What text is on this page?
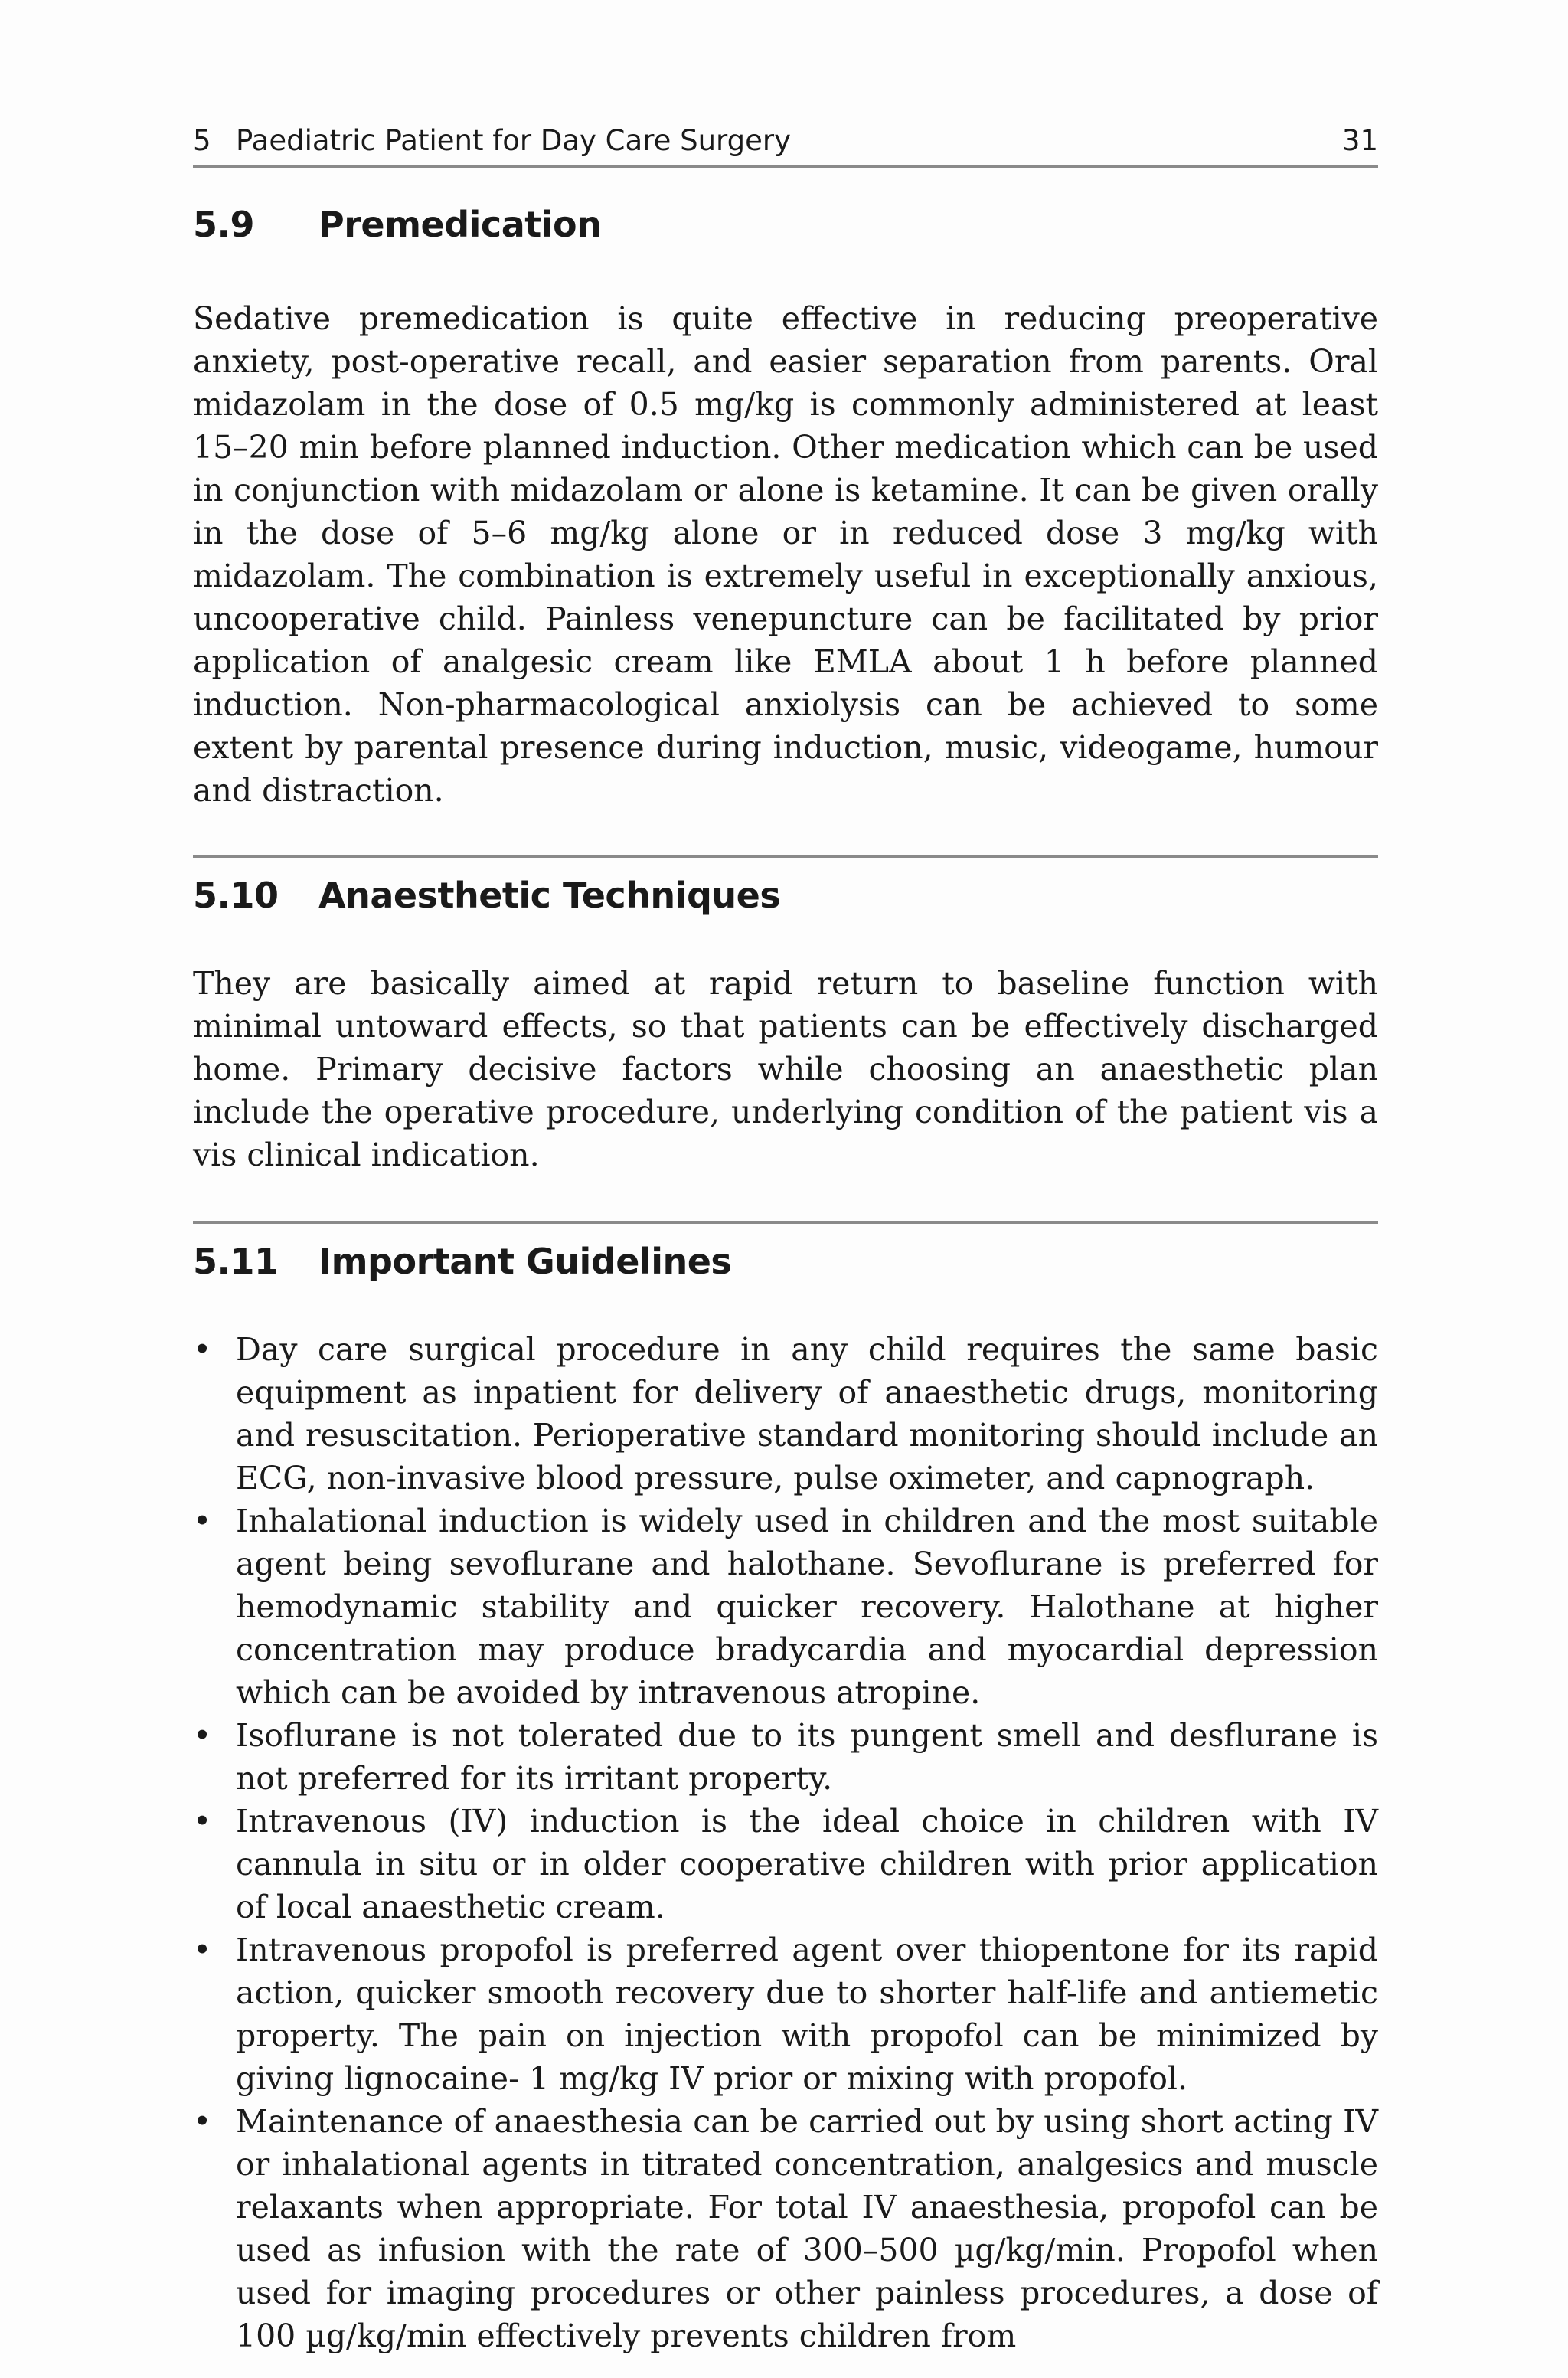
5 Paediatric Patient for Day Care Surgery	31
5.9 Premedication

Sedative premedication is quite effective in reducing preoperative anxiety, post-operative recall, and easier separation from parents. Oral midazolam in the dose of 0.5 mg/kg is commonly administered at least 15–20 min before planned induction. Other medication which can be used in conjunction with midazolam or alone is ketamine. It can be given orally in the dose of 5–6 mg/kg alone or in reduced dose 3 mg/kg with midazolam. The combination is extremely useful in exceptionally anxious, uncooperative child. Painless venepuncture can be facilitated by prior application of analgesic cream like EMLA about 1 h before planned induction. Non-pharmacological anxiolysis can be achieved to some extent by parental presence during induction, music, videogame, humour and distraction.

5.10 Anaesthetic Techniques

They are basically aimed at rapid return to baseline function with minimal untoward effects, so that patients can be effectively discharged home. Primary decisive factors while choosing an anaesthetic plan include the operative procedure, underlying condition of the patient vis a vis clinical indication.

5.11 Important Guidelines
• Day care surgical procedure in any child requires the same basic equipment as inpatient for delivery of anaesthetic drugs, monitoring and resuscitation. Perioperative standard monitoring should include an ECG, non-invasive blood pressure, pulse oximeter, and capnograph.
• Inhalational induction is widely used in children and the most suitable agent being sevoflurane and halothane. Sevoflurane is preferred for hemodynamic stability and quicker recovery. Halothane at higher concentration may produce bradycardia and myocardial depression which can be avoided by intravenous atropine.
• Isoflurane is not tolerated due to its pungent smell and desflurane is not preferred for its irritant property.
• Intravenous (IV) induction is the ideal choice in children with IV cannula in situ or in older cooperative children with prior application of local anaesthetic cream.
• Intravenous propofol is preferred agent over thiopentone for its rapid action, quicker smooth recovery due to shorter half-life and antiemetic property. The pain on injection with propofol can be minimized by giving lignocaine- 1 mg/kg IV prior or mixing with propofol.
• Maintenance of anaesthesia can be carried out by using short acting IV or inhalational agents in titrated concentration, analgesics and muscle relaxants when appropriate. For total IV anaesthesia, propofol can be used as infusion with the rate of 300–500 µg/kg/min. Propofol when used for imaging procedures or other painless procedures, a dose of 100 µg/kg/min effectively prevents children from
